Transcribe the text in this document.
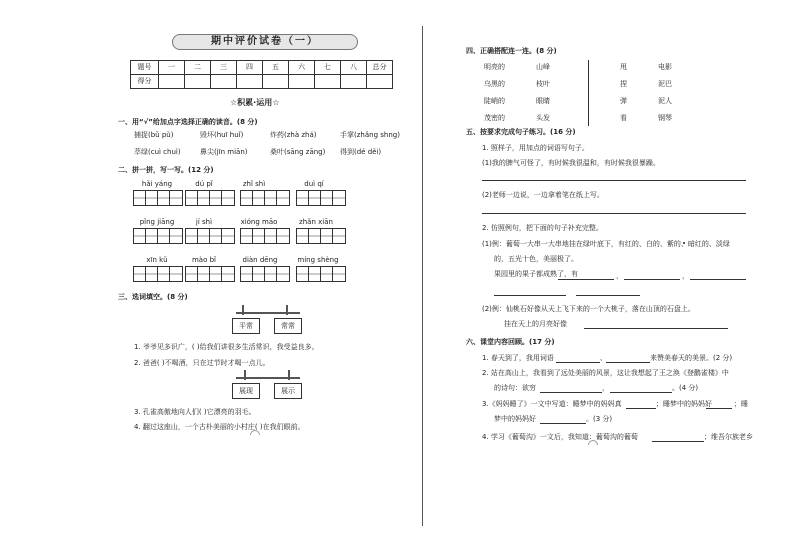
期中评价试卷（一）
题号	一	二	三	四	五	六	七	八	总分
得分									
☆积累·运用☆
一、用“√”给加点字选择正确的读音。(8 分)
捕捉(bǔ pǔ)	毁坏(huī huǐ)	炸药(zhà zhá)	手掌(zhǎng shng)
萃绿(cuì chuì)	鼻尖(jīn miān)	桑叶(sāng zāng) 得到(dé děi)
二、拼一拼，写一写。(12 分)
hǎi yáng	dú pǐ	zhǐ shì	duì qí
pǐng jiāng	jí shì	xióng māo	zhǎn xiān
xīn kǔ	mào bǐ	diàn dēng	míng shèng
三、选词填空。(8 分)
平常	常常
1. 爷爷见多识广，( )给我们讲很多生活常识，我受益良多。
2. 爸爸( )不喝酒，只在过节时才喝一点儿。
展现	展示
3. 孔雀高傲地向人们( )它漂亮的羽毛。
4. 翻过这座山，一个古朴美丽的小村庄( )在我们眼前。
四、正确搭配连一连。(8 分)
明亮的
乌黑的
陡峭的
茂密的
山峰
枝叶
眼睛
头发
甩
捏
弹
看
电影
泥巴
泥人
钢琴
五、按要求完成句子练习。(16 分)
1. 照样子，用加点的词语写句子。
(1)我的脾气可怪了，有时候我很温和，有时候我很暴躁。
(2)老师一边说，一边拿着笔在纸上写。
2. 仿照例句，把下面的句子补充完整。
(1)例：葡萄一大串一大串地挂在绿叶底下，有红的、白的、紫的、暗红的、淡绿
的，五光十色，美丽极了。
果园里的果子都成熟了，有	，	，
(2)例：仙桃石好像从天上飞下来的一个大桃子，落在山顶的石盘上。
挂在天上的月亮好像
六、课堂内容回顾。(17 分)
1. 春天到了，我用词语	、	来赞美春天的美景。(2 分)
2. 站在高山上，我看到了远处美丽的风景，这让我想起了王之涣《登鹳雀楼》中
的诗句：欲穷	，	。(4 分)
3.《妈妈睡了》一文中写道：睡梦中的妈妈真	；睡梦中的妈妈好	；睡
梦中的妈妈好	。(3 分)
4. 学习《葡萄沟》一文后，我知道：葡萄沟的葡萄	；维吾尔族老乡
